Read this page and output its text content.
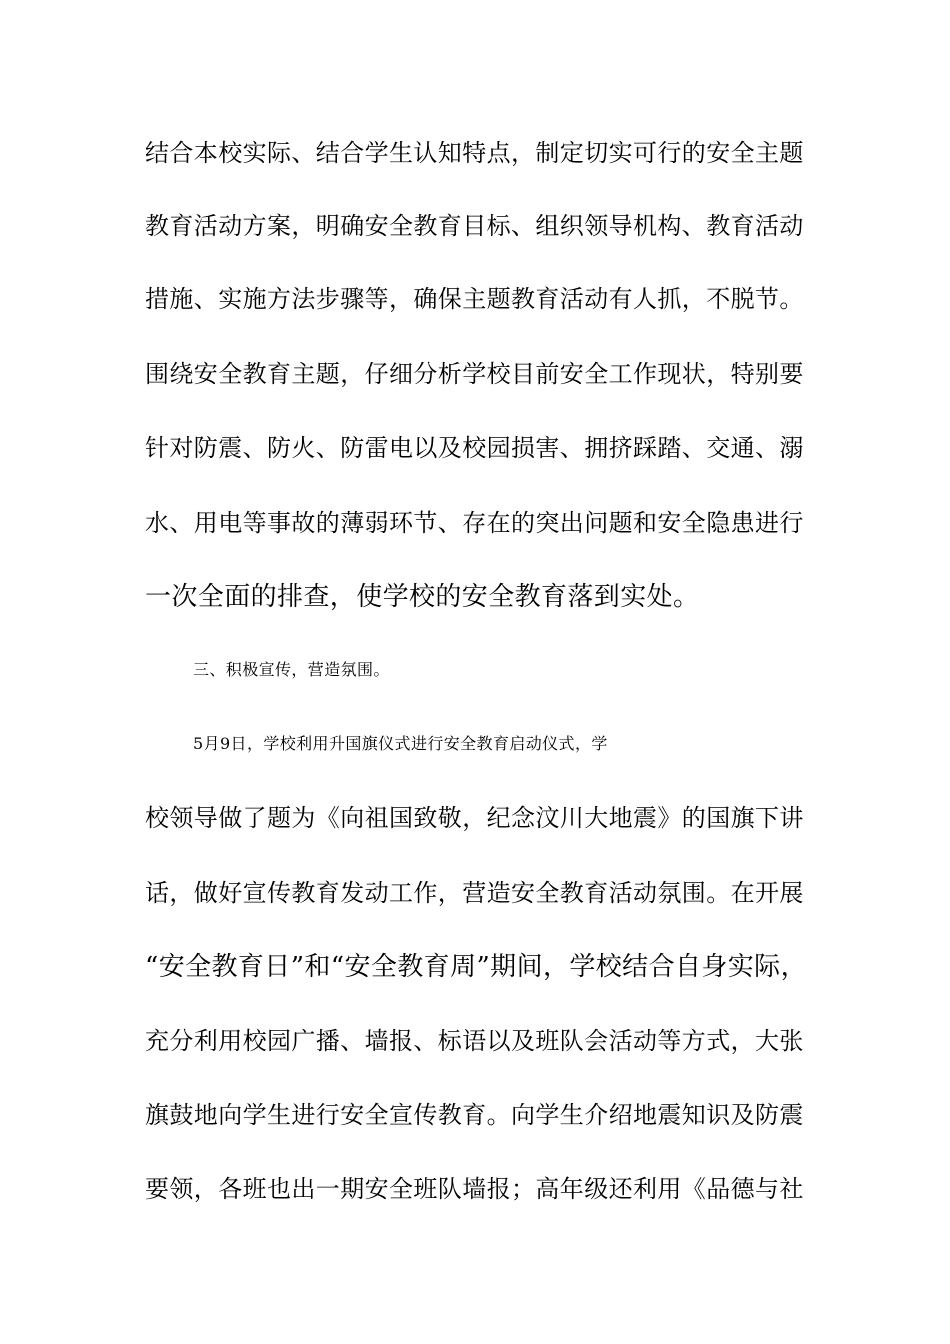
结合本校实际、结合学生认知特点，制定切实可行的安全主题
教育活动方案，明确安全教育目标、组织领导机构、教育活动
措施、实施方法步骤等，确保主题教育活动有人抓，不脱节。
围绕安全教育主题，仔细分析学校目前安全工作现状，特别要
针对防震、防火、防雷电以及校园损害、拥挤踩踏、交通、溺
水、用电等事故的薄弱环节、存在的突出问题和安全隐患进行
一次全面的排查，使学校的安全教育落到实处。
三、积极宣传，营造氛围。
5月9日，学校利用升国旗仪式进行安全教育启动仪式，学
校领导做了题为《向祖国致敬，纪念汶川大地震》的国旗下讲
话，做好宣传教育发动工作，营造安全教育活动氛围。在开展
“安全教育日”和“安全教育周”期间，学校结合自身实际，
充分利用校园广播、墙报、标语以及班队会活动等方式，大张
旗鼓地向学生进行安全宣传教育。向学生介绍地震知识及防震
要领，各班也出一期安全班队墙报；高年级还利用《品德与社
